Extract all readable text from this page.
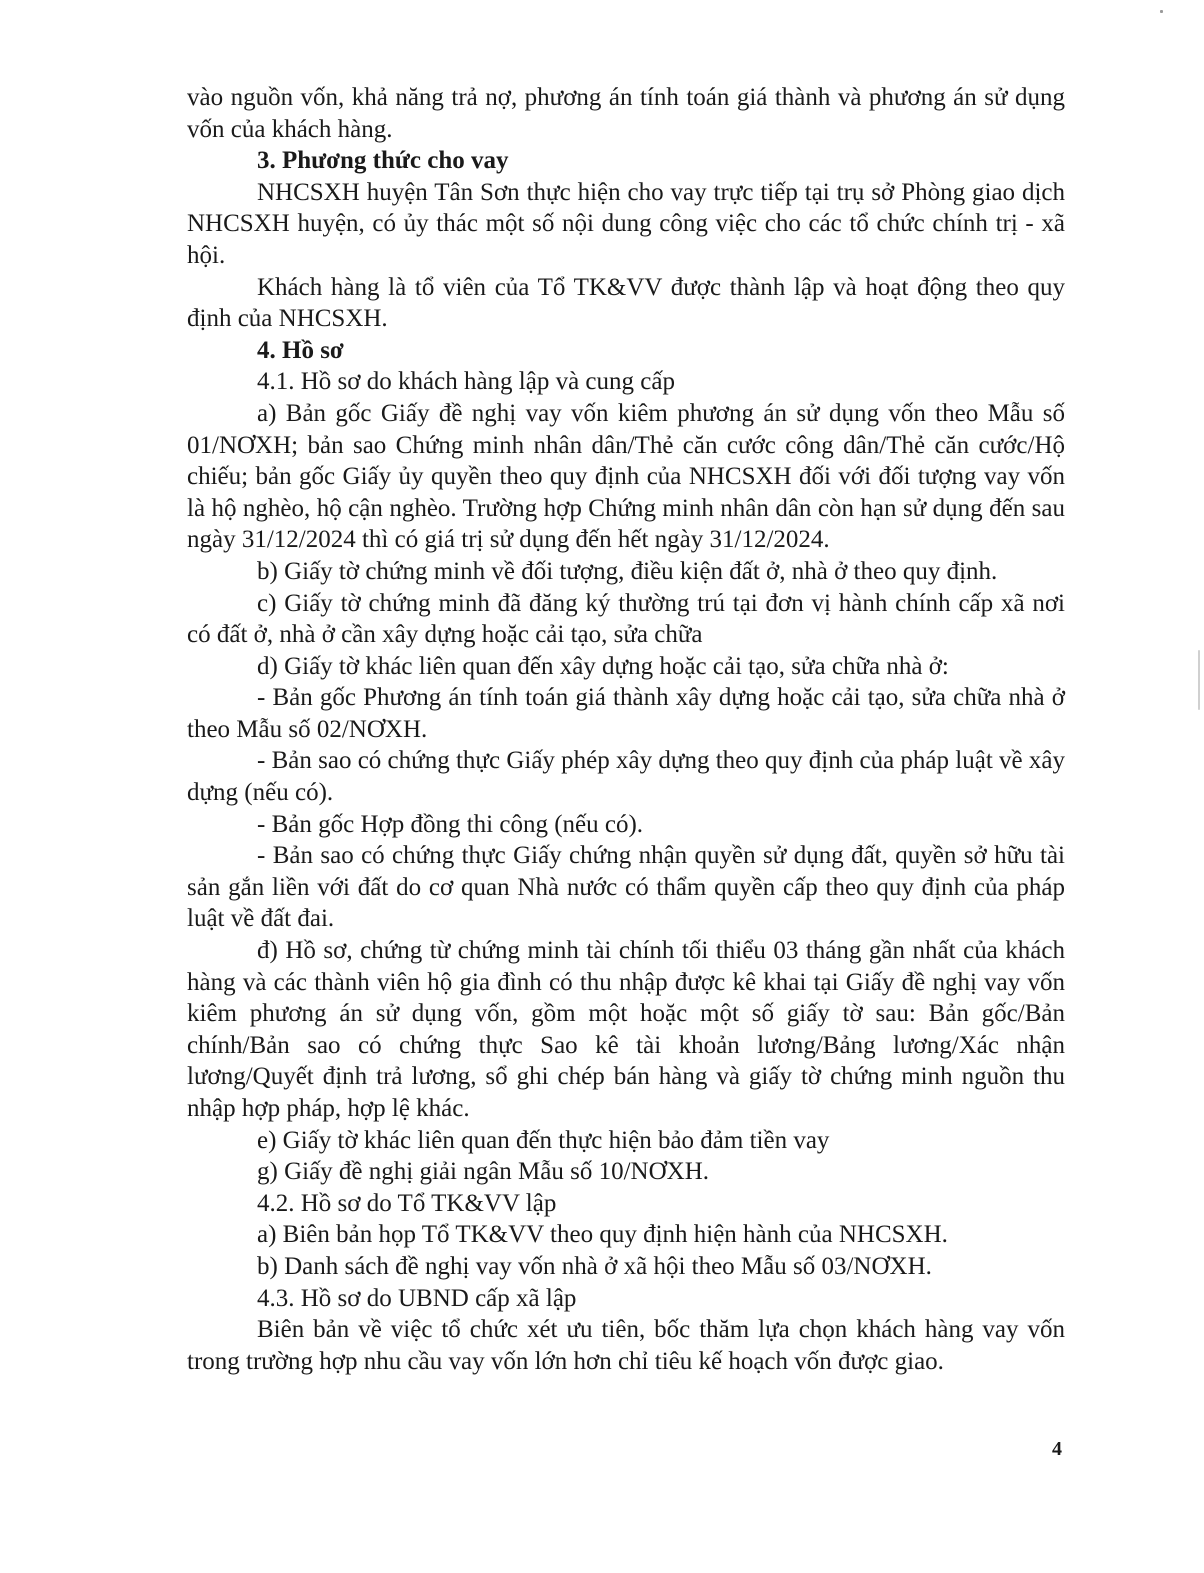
vào nguồn vốn, khả năng trả nợ, phương án tính toán giá thành và phương án sử dụng vốn của khách hàng.

3. Phương thức cho vay

NHCSXH huyện Tân Sơn thực hiện cho vay trực tiếp tại trụ sở Phòng giao dịch NHCSXH huyện, có ủy thác một số nội dung công việc cho các tổ chức chính trị - xã hội.

Khách hàng là tổ viên của Tổ TK&VV được thành lập và hoạt động theo quy định của NHCSXH.

4. Hồ sơ

4.1. Hồ sơ do khách hàng lập và cung cấp

a) Bản gốc Giấy đề nghị vay vốn kiêm phương án sử dụng vốn theo Mẫu số 01/NƠXH; bản sao Chứng minh nhân dân/Thẻ căn cước công dân/Thẻ căn cước/Hộ chiếu; bản gốc Giấy ủy quyền theo quy định của NHCSXH đối với đối tượng vay vốn là hộ nghèo, hộ cận nghèo. Trường hợp Chứng minh nhân dân còn hạn sử dụng đến sau ngày 31/12/2024 thì có giá trị sử dụng đến hết ngày 31/12/2024.

b) Giấy tờ chứng minh về đối tượng, điều kiện đất ở, nhà ở theo quy định.

c) Giấy tờ chứng minh đã đăng ký thường trú tại đơn vị hành chính cấp xã nơi có đất ở, nhà ở cần xây dựng hoặc cải tạo, sửa chữa

d) Giấy tờ khác liên quan đến xây dựng hoặc cải tạo, sửa chữa nhà ở:

- Bản gốc Phương án tính toán giá thành xây dựng hoặc cải tạo, sửa chữa nhà ở theo Mẫu số 02/NƠXH.

- Bản sao có chứng thực Giấy phép xây dựng theo quy định của pháp luật về xây dựng (nếu có).

- Bản gốc Hợp đồng thi công (nếu có).

- Bản sao có chứng thực Giấy chứng nhận quyền sử dụng đất, quyền sở hữu tài sản gắn liền với đất do cơ quan Nhà nước có thẩm quyền cấp theo quy định của pháp luật về đất đai.

đ) Hồ sơ, chứng từ chứng minh tài chính tối thiểu 03 tháng gần nhất của khách hàng và các thành viên hộ gia đình có thu nhập được kê khai tại Giấy đề nghị vay vốn kiêm phương án sử dụng vốn, gồm một hoặc một số giấy tờ sau: Bản gốc/Bản chính/Bản sao có chứng thực Sao kê tài khoản lương/Bảng lương/Xác nhận lương/Quyết định trả lương, sổ ghi chép bán hàng và giấy tờ chứng minh nguồn thu nhập hợp pháp, hợp lệ khác.

e) Giấy tờ khác liên quan đến thực hiện bảo đảm tiền vay

g) Giấy đề nghị giải ngân Mẫu số 10/NƠXH.

4.2. Hồ sơ do Tổ TK&VV lập

a) Biên bản họp Tổ TK&VV theo quy định hiện hành của NHCSXH.

b) Danh sách đề nghị vay vốn nhà ở xã hội theo Mẫu số 03/NƠXH.

4.3. Hồ sơ do UBND cấp xã lập

Biên bản về việc tổ chức xét ưu tiên, bốc thăm lựa chọn khách hàng vay vốn trong trường hợp nhu cầu vay vốn lớn hơn chỉ tiêu kế hoạch vốn được giao.

4
